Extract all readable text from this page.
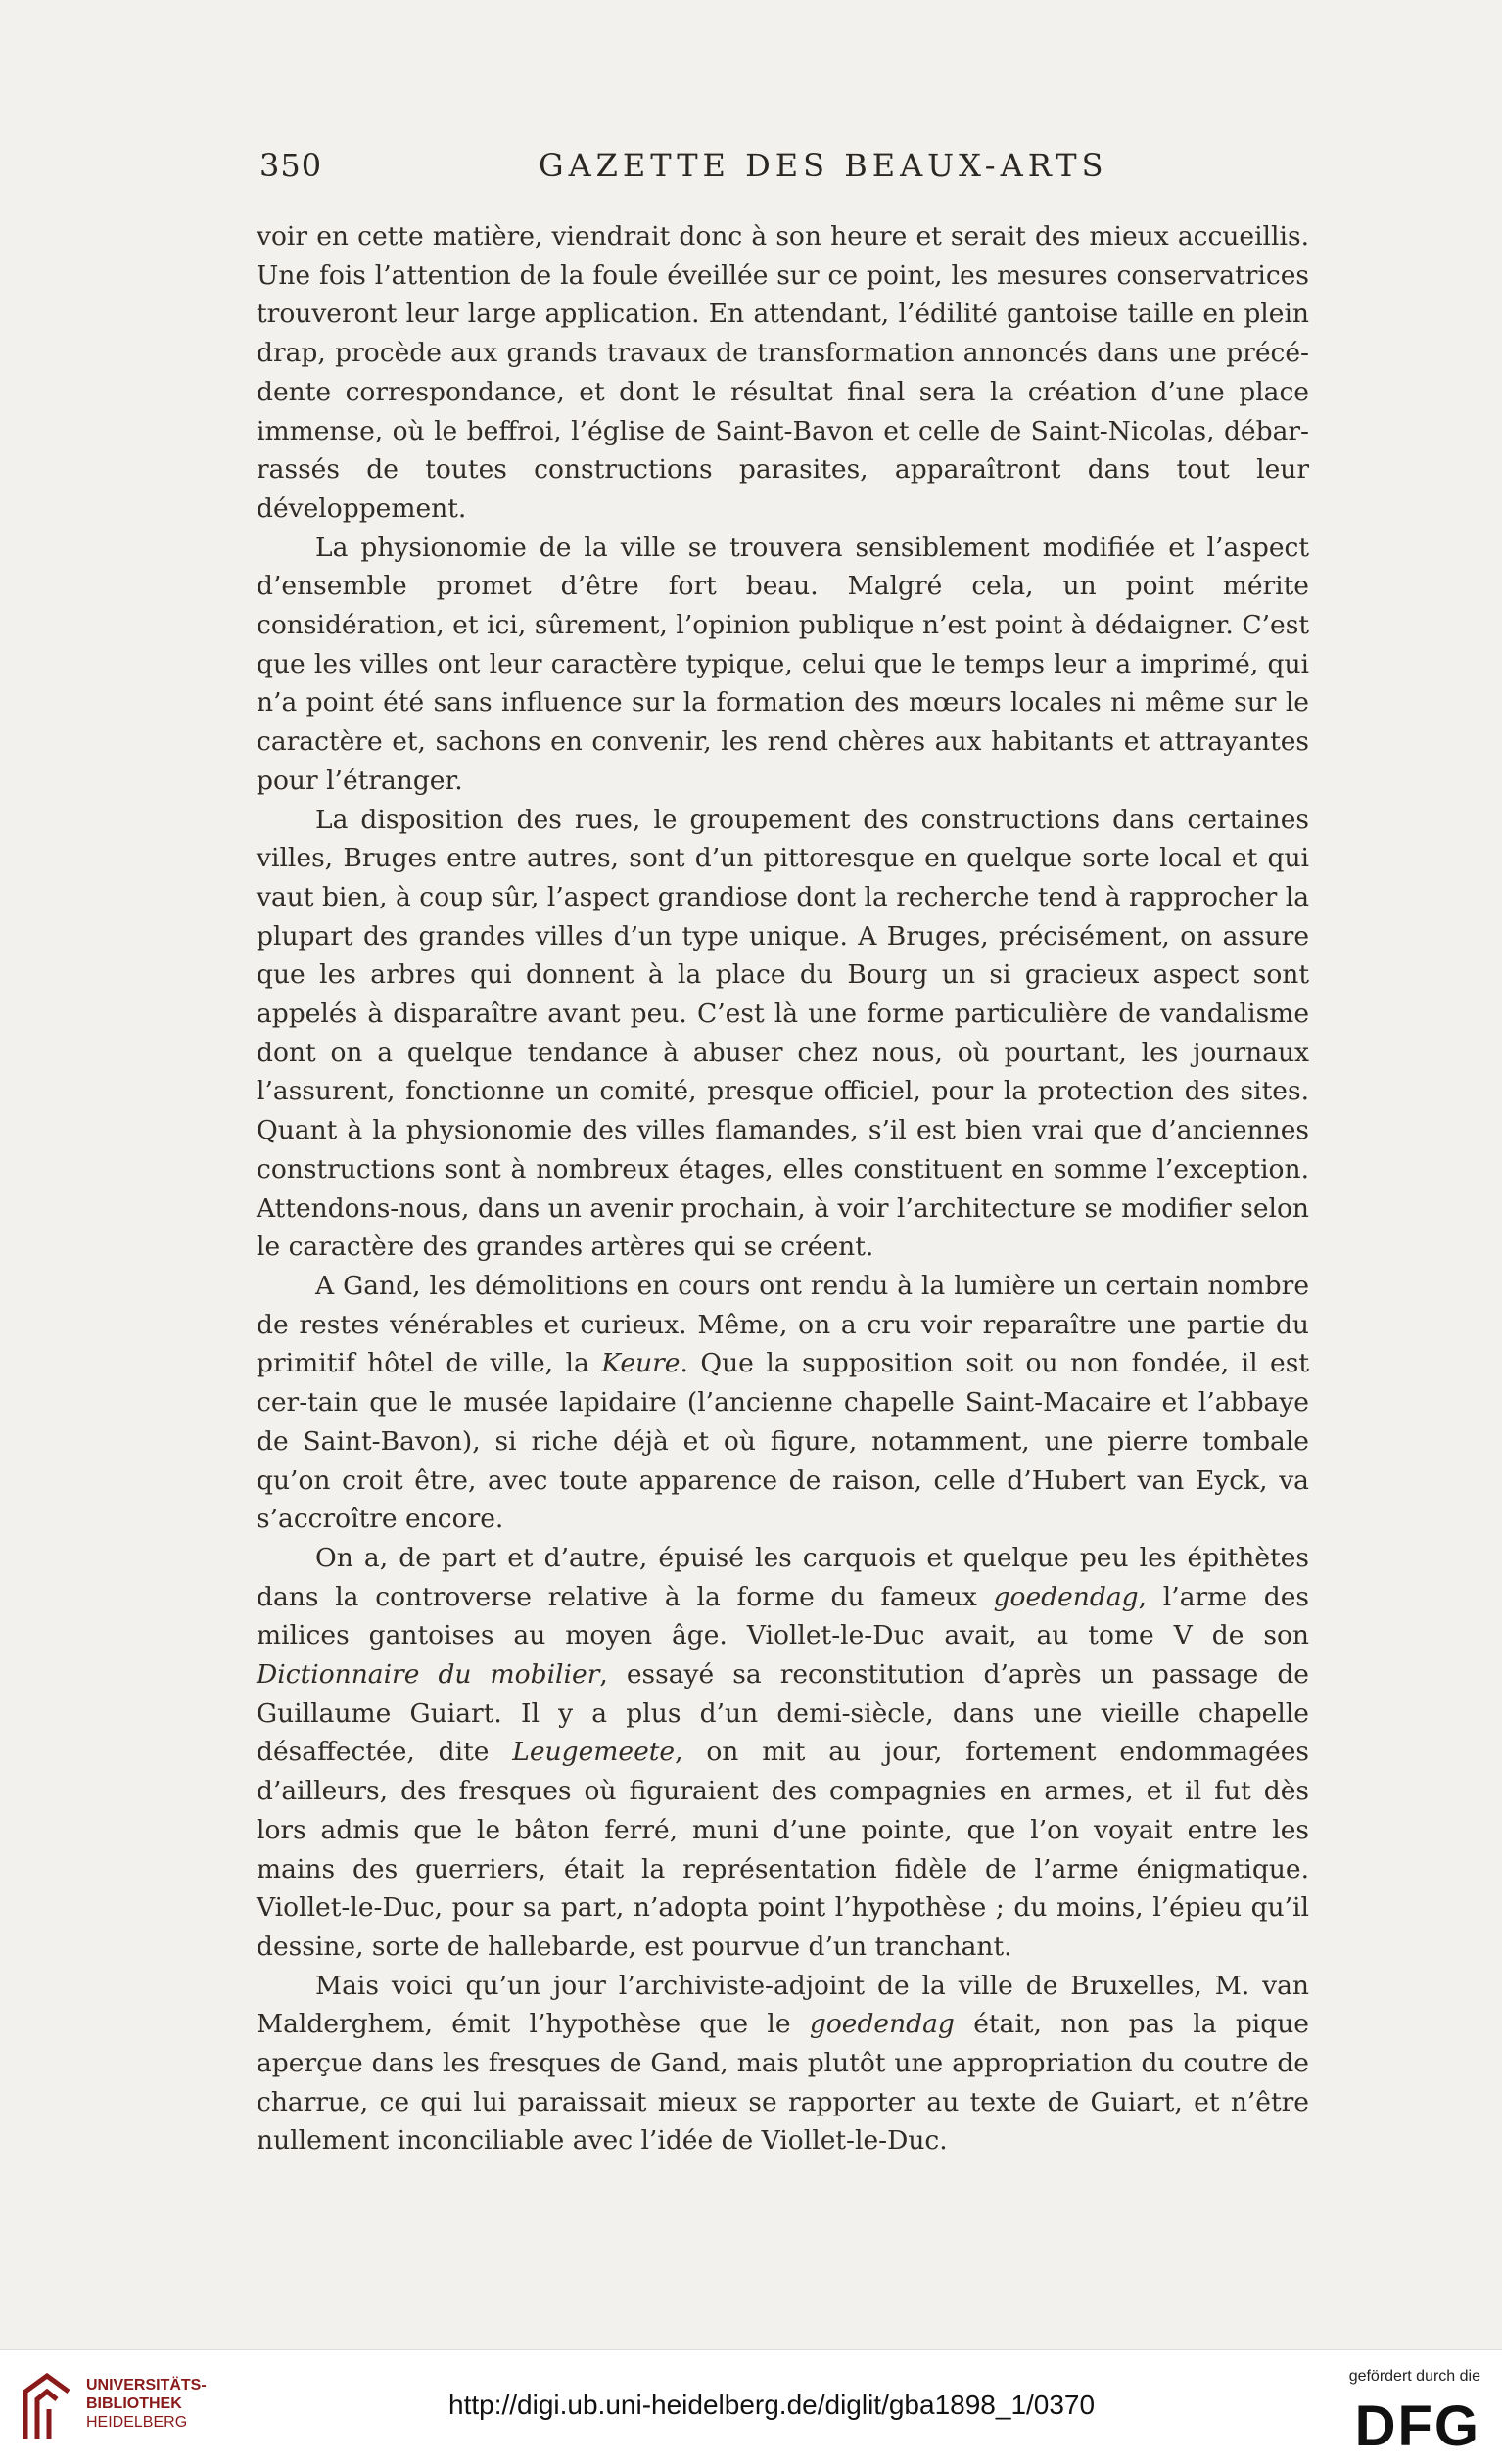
350	GAZETTE DES BEAUX-ARTS

voir en cette matière, viendrait donc à son heure et serait des mieux accueillis. Une fois l’attention de la foule éveillée sur ce point, les mesures conservatrices trouveront leur large application. En attendant, l’édilité gantoise taille en plein drap, procède aux grands travaux de transformation annoncés dans une précé-dente correspondance, et dont le résultat final sera la création d’une place immense, où le beffroi, l’église de Saint-Bavon et celle de Saint-Nicolas, débar-rassés de toutes constructions parasites, apparaîtront dans tout leur développement.

La physionomie de la ville se trouvera sensiblement modifiée et l’aspect d’ensemble promet d’être fort beau. Malgré cela, un point mérite considération, et ici, sûrement, l’opinion publique n’est point à dédaigner. C’est que les villes ont leur caractère typique, celui que le temps leur a imprimé, qui n’a point été sans influence sur la formation des mœurs locales ni même sur le caractère et, sachons en convenir, les rend chères aux habitants et attrayantes pour l’étranger.

La disposition des rues, le groupement des constructions dans certaines villes, Bruges entre autres, sont d’un pittoresque en quelque sorte local et qui vaut bien, à coup sûr, l’aspect grandiose dont la recherche tend à rapprocher la plupart des grandes villes d’un type unique. A Bruges, précisément, on assure que les arbres qui donnent à la place du Bourg un si gracieux aspect sont appelés à disparaître avant peu. C’est là une forme particulière de vandalisme dont on a quelque tendance à abuser chez nous, où pourtant, les journaux l’assurent, fonctionne un comité, presque officiel, pour la protection des sites. Quant à la physionomie des villes flamandes, s’il est bien vrai que d’anciennes constructions sont à nombreux étages, elles constituent en somme l’exception. Attendons-nous, dans un avenir prochain, à voir l’architecture se modifier selon le caractère des grandes artères qui se créent.

A Gand, les démolitions en cours ont rendu à la lumière un certain nombre de restes vénérables et curieux. Même, on a cru voir reparaître une partie du primitif hôtel de ville, la Keure. Que la supposition soit ou non fondée, il est cer-tain que le musée lapidaire (l’ancienne chapelle Saint-Macaire et l’abbaye de Saint-Bavon), si riche déjà et où figure, notamment, une pierre tombale qu’on croit être, avec toute apparence de raison, celle d’Hubert van Eyck, va s’accroître encore.

On a, de part et d’autre, épuisé les carquois et quelque peu les épithètes dans la controverse relative à la forme du fameux goedendag, l’arme des milices gantoises au moyen âge. Viollet-le-Duc avait, au tome V de son Dictionnaire du mobilier, essayé sa reconstitution d’après un passage de Guillaume Guiart. Il y a plus d’un demi-siècle, dans une vieille chapelle désaffectée, dite Leugemeete, on mit au jour, fortement endommagées d’ailleurs, des fresques où figuraient des compagnies en armes, et il fut dès lors admis que le bâton ferré, muni d’une pointe, que l’on voyait entre les mains des guerriers, était la représentation fidèle de l’arme énigmatique. Viollet-le-Duc, pour sa part, n’adopta point l’hypothèse ; du moins, l’épieu qu’il dessine, sorte de hallebarde, est pourvue d’un tranchant.

Mais voici qu’un jour l’archiviste-adjoint de la ville de Bruxelles, M. van Malderghem, émit l’hypothèse que le goedendag était, non pas la pique aperçue dans les fresques de Gand, mais plutôt une appropriation du coutre de charrue, ce qui lui paraissait mieux se rapporter au texte de Guiart, et n’être nullement inconciliable avec l’idée de Viollet-le-Duc.

UNIVERSITÄTS-
BIBLIOTHEK
HEIDELBERG
http://digi.ub.uni-heidelberg.de/diglit/gba1898_1/0370
gefördert durch die
DFG
